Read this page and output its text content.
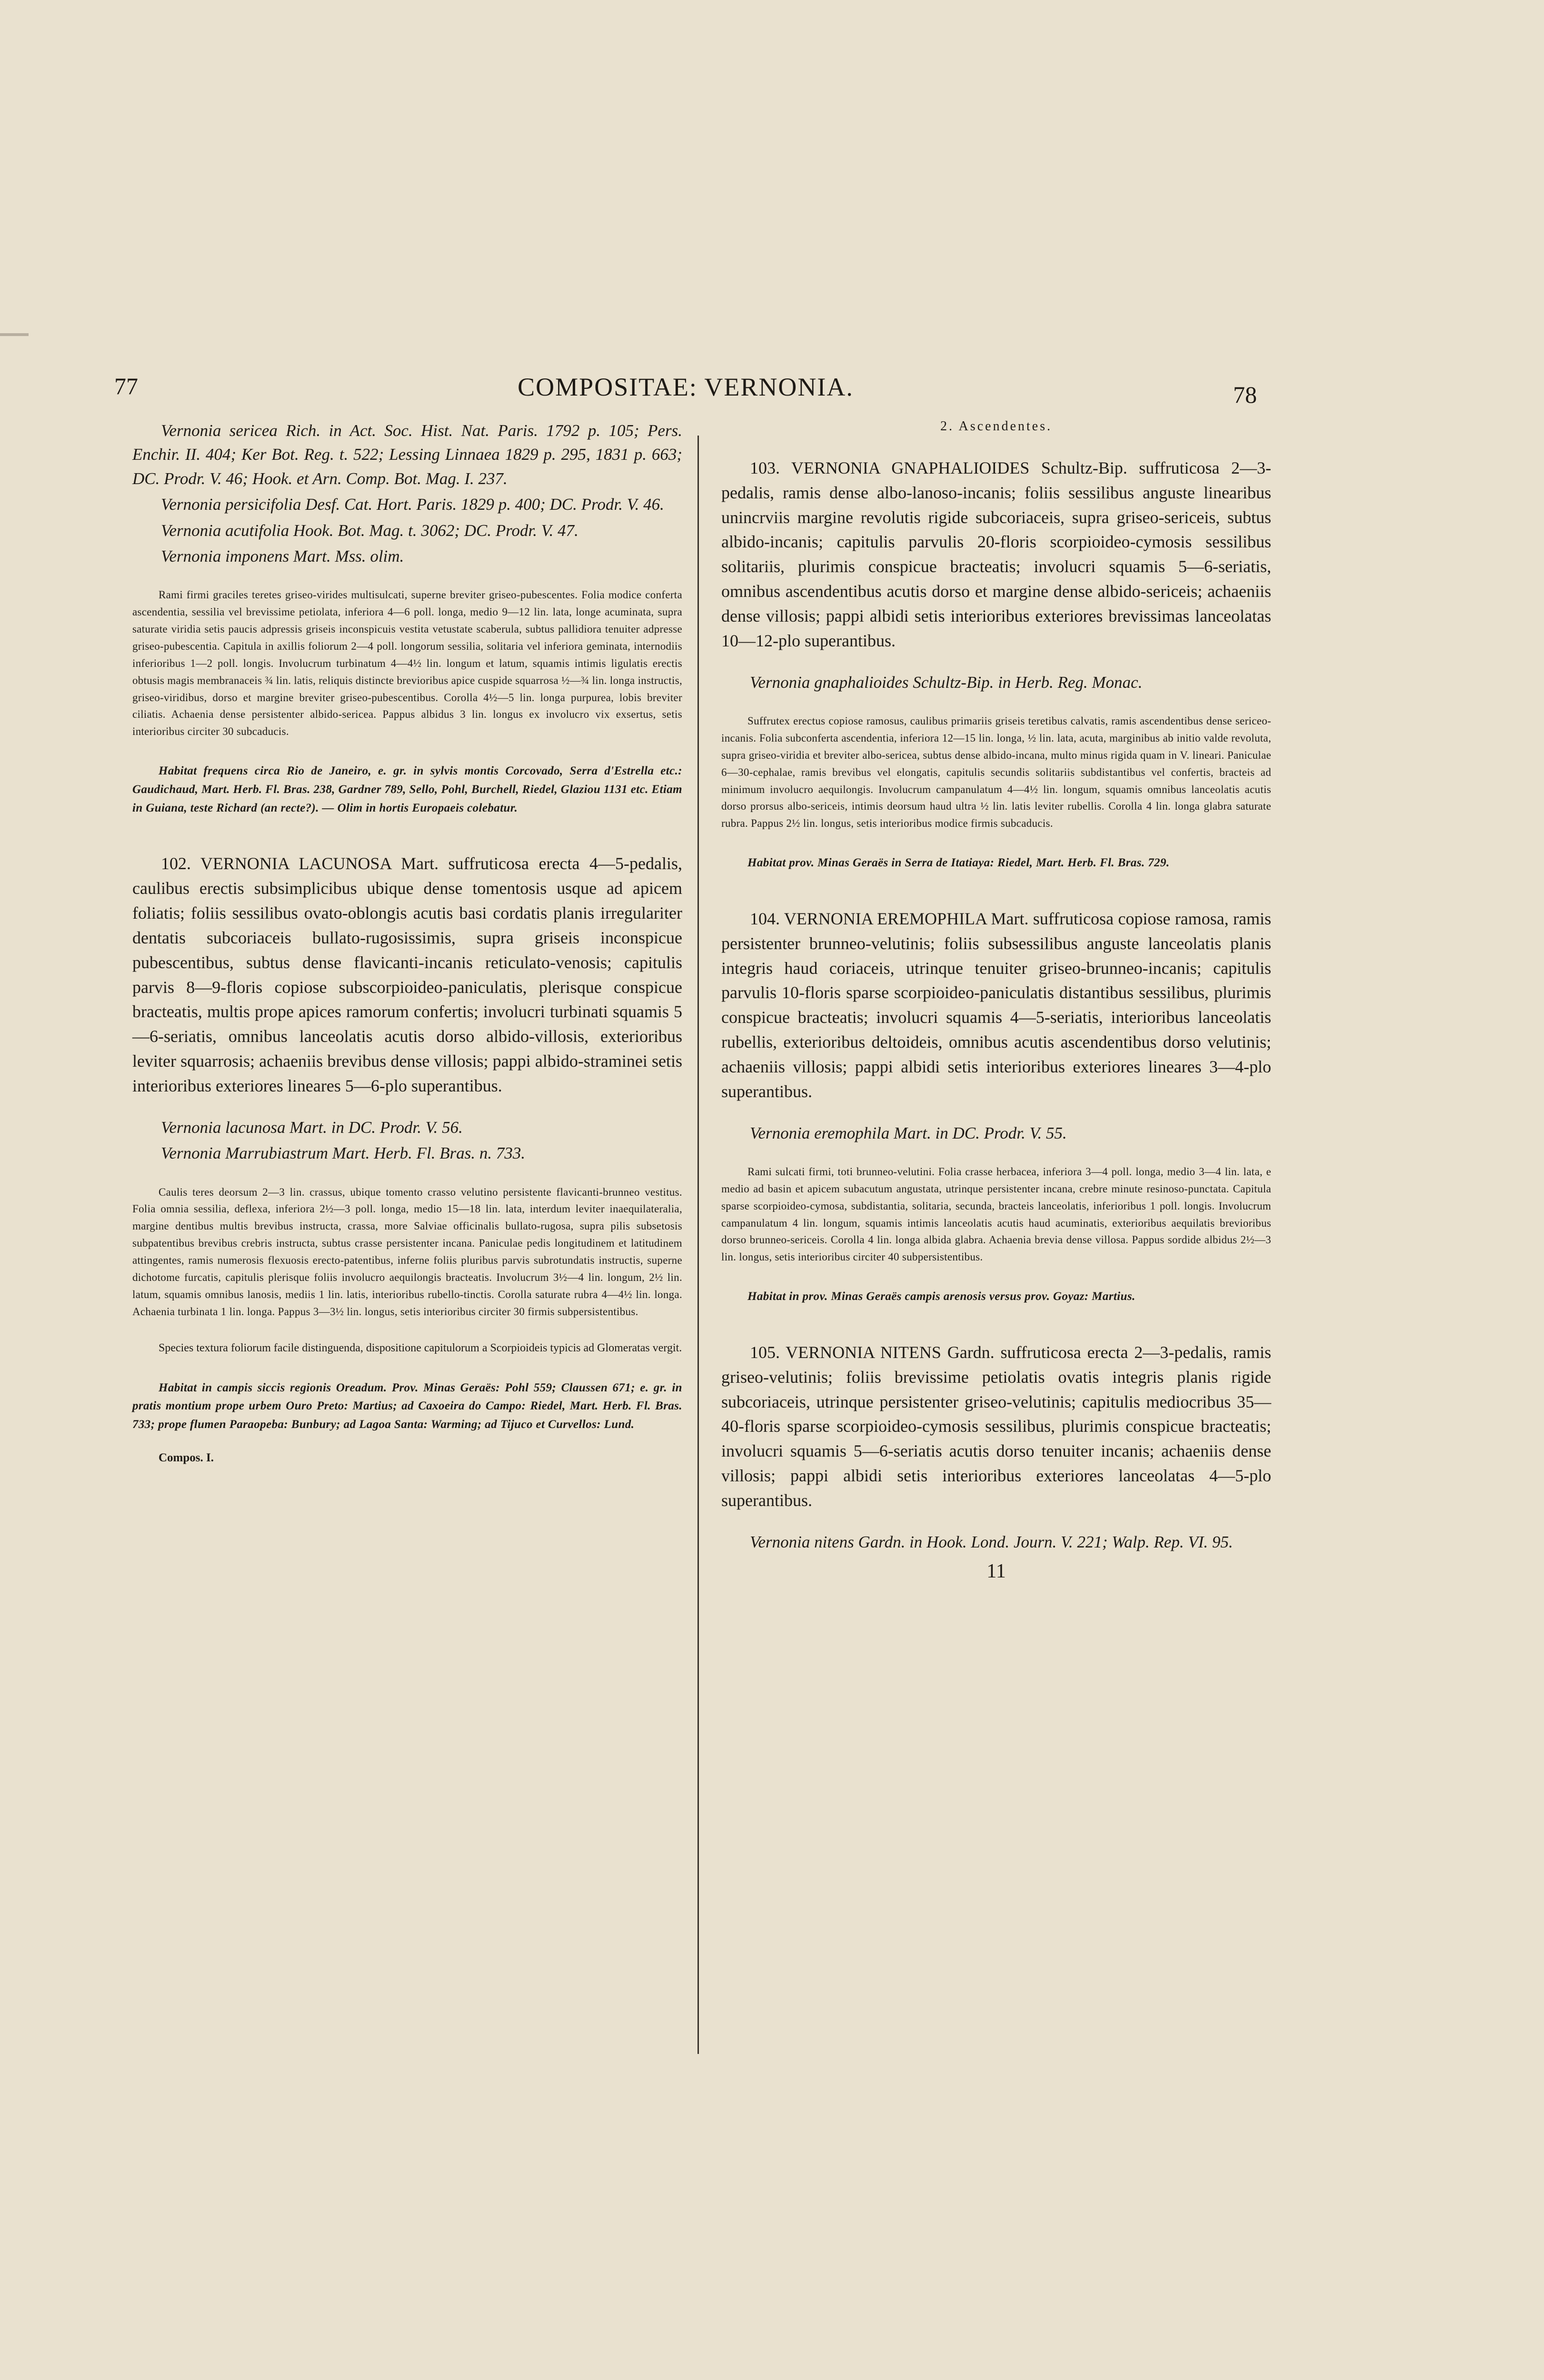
77	COMPOSITAE: VERNONIA.	78

Vernonia sericea Rich. in Act. Soc. Hist. Nat. Paris. 1792 p. 105; Pers. Enchir. II. 404; Ker Bot. Reg. t. 522; Lessing Linnaea 1829 p. 295, 1831 p. 663; DC. Prodr. V. 46; Hook. et Arn. Comp. Bot. Mag. I. 237.

Vernonia persicifolia Desf. Cat. Hort. Paris. 1829 p. 400; DC. Prodr. V. 46.

Vernonia acutifolia Hook. Bot. Mag. t. 3062; DC. Prodr. V. 47.

Vernonia imponens Mart. Mss. olim.

Rami firmi graciles teretes griseo-virides multisulcati, superne breviter griseo-pubescentes. Folia modice conferta ascendentia, sessilia vel brevissime petiolata, inferiora 4—6 poll. longa, medio 9—12 lin. lata, longe acuminata, supra saturate viridia setis paucis adpressis griseis inconspicuis vestita vetustate scaberula, subtus pallidiora tenuiter adpresse griseo-pubescentia. Capitula in axillis foliorum 2—4 poll. longorum sessilia, solitaria vel inferiora geminata, internodiis inferioribus 1—2 poll. longis. Involucrum turbinatum 4—4½ lin. longum et latum, squamis intimis ligulatis erectis obtusis magis membranaceis ¾ lin. latis, reliquis distincte brevioribus apice cuspide squarrosa ½—¾ lin. longa instructis, griseo-viridibus, dorso et margine breviter griseo-pubescentibus. Corolla 4½—5 lin. longa purpurea, lobis breviter ciliatis. Achaenia dense persistenter albido-sericea. Pappus albidus 3 lin. longus ex involucro vix exsertus, setis interioribus circiter 30 subcaducis.

Habitat frequens circa Rio de Janeiro, e. gr. in sylvis montis Corcovado, Serra d'Estrella etc.: Gaudichaud, Mart. Herb. Fl. Bras. 238, Gardner 789, Sello, Pohl, Burchell, Riedel, Glaziou 1131 etc. Etiam in Guiana, teste Richard (an recte?). — Olim in hortis Europaeis colebatur.

102. VERNONIA LACUNOSA Mart. suffruticosa erecta 4—5-pedalis, caulibus erectis subsimplicibus ubique dense tomentosis usque ad apicem foliatis; foliis sessilibus ovato-oblongis acutis basi cordatis planis irregulariter dentatis subcoriaceis bullato-rugosissimis, supra griseis inconspicue pubescentibus, subtus dense flavicanti-incanis reticulato-venosis; capitulis parvis 8—9-floris copiose subscorpioideo-paniculatis, plerisque conspicue bracteatis, multis prope apices ramorum confertis; involucri turbinati squamis 5—6-seriatis, omnibus lanceolatis acutis dorso albido-villosis, exterioribus leviter squarrosis; achaeniis brevibus dense villosis; pappi albido-straminei setis interioribus exteriores lineares 5—6-plo superantibus.

Vernonia lacunosa Mart. in DC. Prodr. V. 56.

Vernonia Marrubiastrum Mart. Herb. Fl. Bras. n. 733.

Caulis teres deorsum 2—3 lin. crassus, ubique tomento crasso velutino persistente flavicanti-brunneo vestitus. Folia omnia sessilia, deflexa, inferiora 2½—3 poll. longa, medio 15—18 lin. lata, interdum leviter inaequilateralia, margine dentibus multis brevibus instructa, crassa, more Salviae officinalis bullato-rugosa, supra pilis subsetosis subpatentibus brevibus crebris instructa, subtus crasse persistenter incana. Paniculae pedis longitudinem et latitudinem attingentes, ramis numerosis flexuosis erecto-patentibus, inferne foliis pluribus parvis subrotundatis instructis, superne dichotome furcatis, capitulis plerisque foliis involucro aequilongis bracteatis. Involucrum 3½—4 lin. longum, 2½ lin. latum, squamis omnibus lanosis, mediis 1 lin. latis, interioribus rubello-tinctis. Corolla saturate rubra 4—4½ lin. longa. Achaenia turbinata 1 lin. longa. Pappus 3—3½ lin. longus, setis interioribus circiter 30 firmis subpersistentibus.

Species textura foliorum facile distinguenda, dispositione capitulorum a Scorpioideis typicis ad Glomeratas vergit.

Habitat in campis siccis regionis Oreadum. Prov. Minas Geraës: Pohl 559; Claussen 671; e. gr. in pratis montium prope urbem Ouro Preto: Martius; ad Caxoeira do Campo: Riedel, Mart. Herb. Fl. Bras. 733; prope flumen Paraopeba: Bunbury; ad Lagoa Santa: Warming; ad Tijuco et Curvellos: Lund.

Compos. I.

2. Ascendentes.

103. VERNONIA GNAPHALIOIDES Schultz-Bip. suffruticosa 2—3-pedalis, ramis dense albo-lanoso-incanis; foliis sessilibus anguste linearibus unincrviis margine revolutis rigide subcoriaceis, supra griseo-sericeis, subtus albido-incanis; capitulis parvulis 20-floris scorpioideo-cymosis sessilibus solitariis, plurimis conspicue bracteatis; involucri squamis 5—6-seriatis, omnibus ascendentibus acutis dorso et margine dense albido-sericeis; achaeniis dense villosis; pappi albidi setis interioribus exteriores brevissimas lanceolatas 10—12-plo superantibus.

Vernonia gnaphalioides Schultz-Bip. in Herb. Reg. Monac.

Suffrutex erectus copiose ramosus, caulibus primariis griseis teretibus calvatis, ramis ascendentibus dense sericeo-incanis. Folia subconferta ascendentia, inferiora 12—15 lin. longa, ½ lin. lata, acuta, marginibus ab initio valde revoluta, supra griseo-viridia et breviter albo-sericea, subtus dense albido-incana, multo minus rigida quam in V. lineari. Paniculae 6—30-cephalae, ramis brevibus vel elongatis, capitulis secundis solitariis subdistantibus vel confertis, bracteis ad minimum involucro aequilongis. Involucrum campanulatum 4—4½ lin. longum, squamis omnibus lanceolatis acutis dorso prorsus albo-sericeis, intimis deorsum haud ultra ½ lin. latis leviter rubellis. Corolla 4 lin. longa glabra saturate rubra. Pappus 2½ lin. longus, setis interioribus modice firmis subcaducis.

Habitat prov. Minas Geraës in Serra de Itatiaya: Riedel, Mart. Herb. Fl. Bras. 729.

104. VERNONIA EREMOPHILA Mart. suffruticosa copiose ramosa, ramis persistenter brunneo-velutinis; foliis subsessilibus anguste lanceolatis planis integris haud coriaceis, utrinque tenuiter griseo-brunneo-incanis; capitulis parvulis 10-floris sparse scorpioideo-paniculatis distantibus sessilibus, plurimis conspicue bracteatis; involucri squamis 4—5-seriatis, interioribus lanceolatis rubellis, exterioribus deltoideis, omnibus acutis ascendentibus dorso velutinis; achaeniis villosis; pappi albidi setis interioribus exteriores lineares 3—4-plo superantibus.

Vernonia eremophila Mart. in DC. Prodr. V. 55.

Rami sulcati firmi, toti brunneo-velutini. Folia crasse herbacea, inferiora 3—4 poll. longa, medio 3—4 lin. lata, e medio ad basin et apicem subacutum angustata, utrinque persistenter incana, crebre minute resinoso-punctata. Capitula sparse scorpioideo-cymosa, subdistantia, solitaria, secunda, bracteis lanceolatis, inferioribus 1 poll. longis. Involucrum campanulatum 4 lin. longum, squamis intimis lanceolatis acutis haud acuminatis, exterioribus aequilatis brevioribus dorso brunneo-sericeis. Corolla 4 lin. longa albida glabra. Achaenia brevia dense villosa. Pappus sordide albidus 2½—3 lin. longus, setis interioribus circiter 40 subpersistentibus.

Habitat in prov. Minas Geraës campis arenosis versus prov. Goyaz: Martius.

105. VERNONIA NITENS Gardn. suffruticosa erecta 2—3-pedalis, ramis griseo-velutinis; foliis brevissime petiolatis ovatis integris planis rigide subcoriaceis, utrinque persistenter griseo-velutinis; capitulis mediocribus 35—40-floris sparse scorpioideo-cymosis sessilibus, plurimis conspicue bracteatis; involucri squamis 5—6-seriatis acutis dorso tenuiter incanis; achaeniis dense villosis; pappi albidi setis interioribus exteriores lanceolatas 4—5-plo superantibus.

Vernonia nitens Gardn. in Hook. Lond. Journ. V. 221; Walp. Rep. VI. 95.

11
